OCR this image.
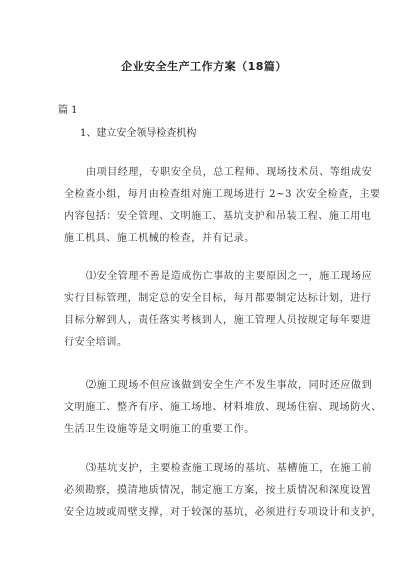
企业安全生产工作方案（18篇）
篇 1
1、建立安全领导检查机构

由项目经理，专职安全员，总工程师、现场技术员、等组成安
全检查小组，每月由检查组对施工现场进行 2~3 次安全检查，主要
内容包括：安全管理、文明施工、基坑支护和吊装工程、施工用电
施工机具、施工机械的检查，并有记录。

⑴安全管理不善是造成伤亡事故的主要原因之一，施工现场应
实行目标管理，制定总的安全目标，每月都要制定达标计划，进行
目标分解到人，责任落实考核到人，施工管理人员按规定每年要进
行安全培训。

⑵施工现场不但应该做到安全生产不发生事故，同时还应做到
文明施工、整齐有序、施工场地、材料堆放、现场住宿、现场防火、
生活卫生设施等是文明施工的重要工作。

⑶基坑支护，主要检查施工现场的基坑、基槽施工，在施工前
必须勘察，摸清地质情况，制定施工方案，按土质情况和深度设置
安全边坡或周壁支撑，对于较深的基坑，必须进行专项设计和支护，
